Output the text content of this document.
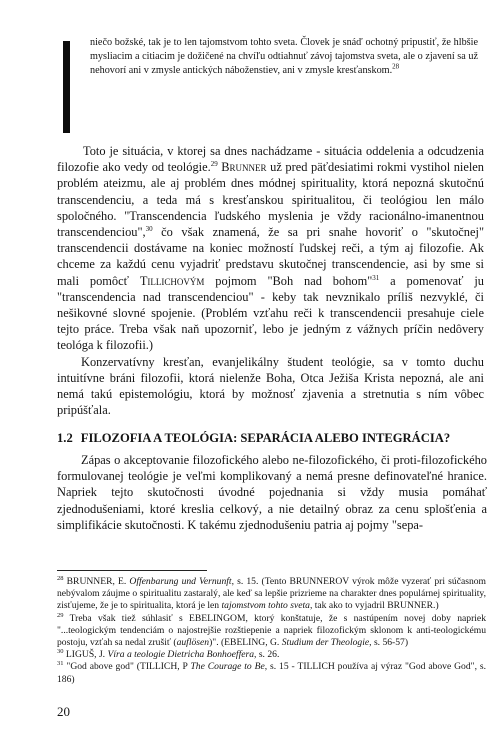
niečo božské, tak je to len tajomstvom tohto sveta. Človek je snáď ochotný pripustiť, že hlbšie mysliacim a citiacim je dožičené na chvíľu odtiahnuť závoj tajomstva sveta, ale o zjavení sa už nehovorí ani v zmysle antických náboženstiev, ani v zmysle kresťanskom.$^{28}$

Toto je situácia, v ktorej sa dnes nachádzame - situácia oddelenia a odcudzenia filozofie ako vedy od teológie.$^{29}$ Brunner už pred päťdesiatimi rokmi vystihol nielen problém ateizmu, ale aj problém dnes módnej spirituality, ktorá nepozná skutočnú transcendenciu, a teda má s kresťanskou spiritualitou, či teológiou len málo spoločného. "Transcendencia ľudského myslenia je vždy racionálno-imanentnou transcendenciou",$^{30}$ čo však znamená, že sa pri snahe hovoriť o "skutočnej" transcendencii dostávame na koniec možností ľudskej reči, a tým aj filozofie. Ak chceme za každú cenu vyjadriť predstavu skutočnej transcendencie, asi by sme si mali pomôcť Tillichovým pojmom "Boh nad bohom"$^{31}$ a pomenovať ju "transcendencia nad transcendenciou" - keby tak nevznikalo príliš nezvyklé, či nešikovné slovné spojenie. (Problém vzťahu reči k transcendencii presahuje ciele tejto práce. Treba však naň upozorniť, lebo je jedným z vážnych príčin nedôvery teológa k filozofii.)

Konzervatívny kresťan, evanjelikálny študent teológie, sa v tomto duchu intuitívne bráni filozofii, ktorá nielenže Boha, Otca Ježiša Krista nepozná, ale ani nemá takú epistemológiu, ktorá by možnosť zjavenia a stretnutia s ním vôbec pripúšťala.

1.2 FILOZOFIA A TEOLÓGIA: SEPARÁCIA ALEBO INTEGRÁCIA?
Zápas o akceptovanie filozofického alebo ne-filozofického, či proti-filozofického formulovanej teológie je veľmi komplikovaný a nemá presne definovateľné hranice. Napriek tejto skutočnosti úvodné pojednania si vždy musia pomáhať zjednodušeniami, ktoré kreslia celkový, a nie detailný obraz za cenu splošťenia a simplifikácie skutočnosti. K takému zjednodušeniu patria aj pojmy "sepa-

$^{28}$ BRUNNER, E. Offenbarung und Vernunft, s. 15. (Tento BRUNNEROV výrok môže vyzerať pri súčasnom nebývalom záujme o spiritualitu zastaralý, ale keď sa lepšie prizrieme na charakter dnes populárnej spirituality, zisťujeme, že je to spiritualita, ktorá je len tajomstvom tohto sveta, tak ako to vyjadril BRUNNER.)

$^{29}$ Treba však tiež súhlasiť s EBELINGOM, ktorý konštatuje, že s nastúpením novej doby napriek "...teologickým tendenciám o najostrejšie rozštiepenie a napriek filozofickým sklonom k anti-teologickému postoju, vzťah sa nedal zrušiť (auflösen)". (EBELING, G. Studium der Theologie, s. 56-57)

$^{30}$ LIGUŠ, J. Víra a teologie Dietricha Bonhoeffera, s. 26.

$^{31}$ "God above god" (TILLICH, P The Courage to Be, s. 15 - TILLICH používa aj výraz "God above God", s. 186)

20
